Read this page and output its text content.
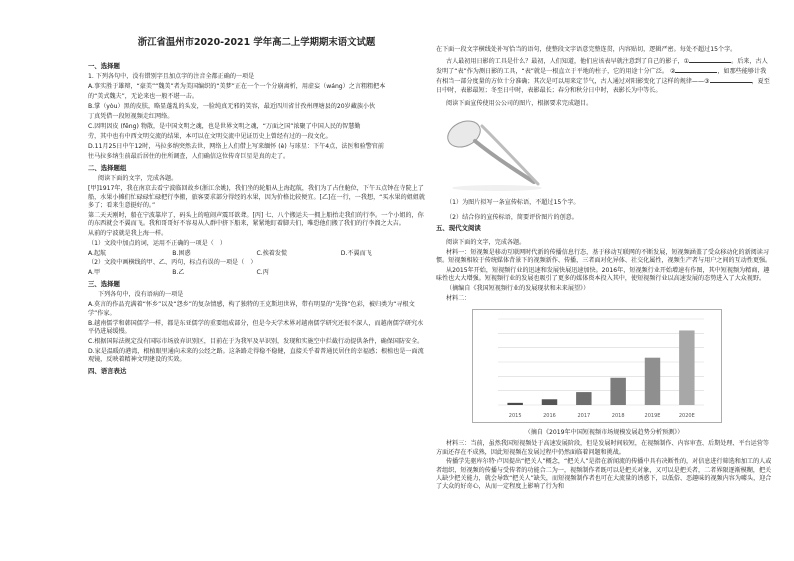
浙江省温州市2020-2021 学年高二上学期期末语文试题

一、选择题

1. 下列各句中，没有错别字且加点字的注音全都正确的一项是

A.事实胜于雄辩，“豪美”“魏美”者为美国编织的“美梦”正在一个一个分崩离析，用虚妄（wáng）之言粗粗把本

的“美式魏夫”，无论来也一般不堪一击。

B.掌（yòu）黑的皮肤，略显蓬乱的头发，一脸纯真无邪的笑容，最近四川省甘孜州理塘县的20岁藏族小伙

丁真凭借一段短视频走红网络。

C.因明因皮 (fēng) 物散，是中国文明之魂，也是世界文明之魂，“万面之国”浓聚了中国人民的智慧勤

劳，其中也有中西文明交流的结果，本可以在文明交流中见证历史上曾经有过的一段文化。

D.11月25日中午12时，马拉多纳突然去世，网络上人们借上写来缅怀 (è) 与球星：下午4点，法医和验警官前

往马拉多纳生前最后居住的住所调查，人们确信这位传奇巨星是真的走了。

二、选择题组

阅读下面的文字，完成各题。

[甲]1917年，我在南京去看宁波临回故乡(浙江余姚)，我们坐的轮船从上海起航，我们为了占住舱位，下午五点钟在寺院上了船，水果小摊们忙碌碌忙碌把行李搬，旅客要求部分得经的水果，因为价格比较便宜。[乙]在一行，一我想，“买水果的姐姐就多了；看来生意挺好的。”

第二天天刚时，船在宁波靠岸了，码头上的喧闹声震耳欲聋。[丙] 七、八个搬运夫一拥上船抬走我们的行李。一个小姐的，你的东西就会不翼而飞。我和哥哥好不容易从人群中挤下船来，紧紧地盯着脚夫们，唯恐他们搬了我们的行李溜之大吉。

从前的宁波就是我上海一样。

（1）文段中加点的词，运用不正确的一项是（　）

A.起航	B.困惑	C.挨着发慌	D.不翼而飞

（2）文段中画横线的甲、乙、丙句，标点有误的一项是（　）

A.甲	B.乙	C.丙

三、选择题

下列各句中，没有语病的一项是

A.莫言的作品充满着“怀乡”以及“怨乡”的复杂情感，构了独特的王克斯坦世界，带有明显的“先锋”色彩，被归类为“寻根文学”作家。

B.越南儒学和韩国儒学一样，都是东亚儒学的重要组成部分，但是今天学术界对越南儒学研究还很不深人，而越南儒学研究水平仍进展缓慢。

C.根据国际法规定没有国际市场放弃识别区，目前在于为我军及早识别，发现和实施空中拦截行动提供条件，确保国防安全。

D.家是温暖的港湾，根植眼里通向未来的公经之路。这条路走得稳不稳健，直接关乎着普通民居住的幸福感；根植也是一面流观镜，反映着精神文明建设的实效。

四、语言表达

在下面一段文字横线处补写恰当的语句，使整段文字语意完整连贯，内容贴切，逻辑严密。每处不超过15个字。

古人最初用日影的工具是什么？最初，人们知道，他们应该表早就注意到了自己的影子，①	。后来，古人发明了“表”作为测日影的工具，“表”就是一根直立于平地的柱子，它的用途十分广泛。 ②	，如那些能够计我有相当一部分度量的方位十分准确；其次是可以用来定节气，古人通过对阳影变化了这样的规律——③	，夏至日中时，表影最短；冬至日中时，表影最长；春分和秋分日中时，表影长为中等长。

阅读下面宣传使用公公司的图片，根据要求完成题目。

（1）为图片拟写一条宣传标语，不超过15个字。

（2）结合你的宣传标语，简要评价图片的创意。

五、现代文阅读

阅读下面的文字，完成各题。

材料一：短视频是移动互联网时代新的传播信息行态，基于移动互联网的不断发展，短视频涵盖了受众移动化的新阅读习惯。短视频相较于传统媒体背景下的视频新作、传播，三者面对化异体、社交化属性，视频生产者与用户之间的互动性更强。

从2015年开始，短视频行业的迅速和发展快展迅速加快。2016年，短视频行业开始增速有作图，其中短视频为精商，趣味性也大大增强。短视频行业的发展也吸引了更多的媒体资本投入其中，使短视频行业以高速发展的态势进入了大众视野。

（摘编自《我国短视频行业的发展现状和未来展望》）

材料二：

2015	2016	2017	2018	2019E	2020E

（摘自《2019年中国短视频市场规模发展趋势分析预测》）

材料三：当前，虽然我国短视频处于高速发展阶段，但是发展时间较短，在视频制作、内容审查、后期处理、平台运营等方面还存在不成熟，因此短视频在发展过程中仍然面临着问题和挑战。

传播学先驱库尔特·卢因提出“把关人”概念，“把关人”是指在新闻流的传播中具有决断性的，对信息进行筛选和加工的人或者组织，短视频的传播与受传者的功能合二为一，视频制作者既可以是把关对象，又可以是把关者，二者界限逐渐模糊，把关人缺少把关能力，就会导致“把关人”缺失，而短视频制作者也可在大流量的诱惑下，以低俗、恶趣味的视频内容为噱头，迎合了大众的好奇心，从而一定程度上影响了行为和
